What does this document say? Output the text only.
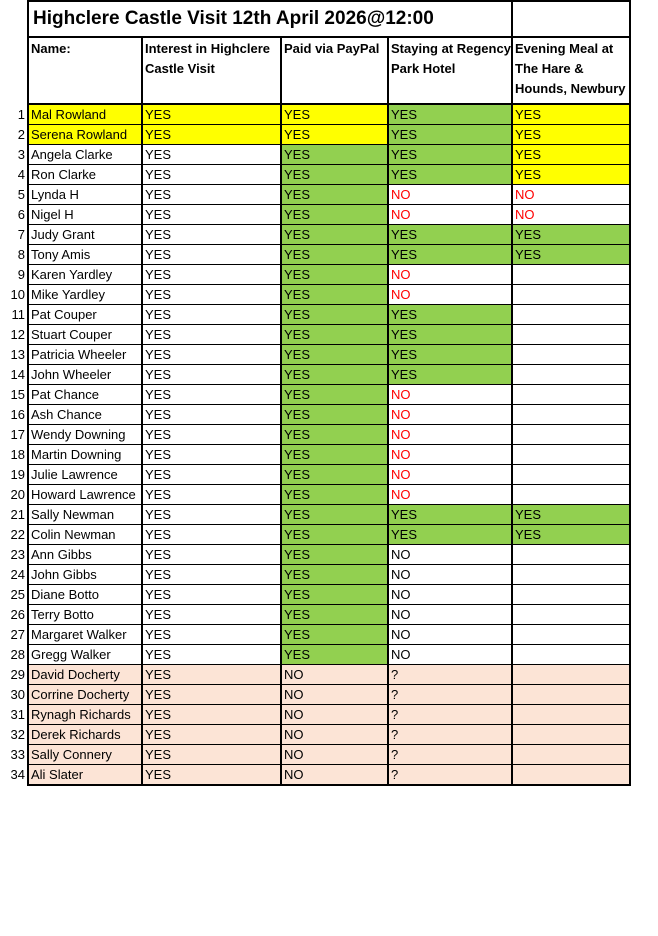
	Highclere Castle Visit 12th April 2026@12:00				
	Name:	Interest in Highclere Castle Visit	Paid via PayPal	Staying at Regency Park Hotel	Evening Meal at The Hare & Hounds, Newbury
1	Mal Rowland	YES	YES	YES	YES
2	Serena Rowland	YES	YES	YES	YES
3	Angela Clarke	YES	YES	YES	YES
4	Ron Clarke	YES	YES	YES	YES
5	Lynda H	YES	YES	NO	NO
6	Nigel H	YES	YES	NO	NO
7	Judy Grant	YES	YES	YES	YES
8	Tony Amis	YES	YES	YES	YES
9	Karen Yardley	YES	YES	NO	
10	Mike Yardley	YES	YES	NO	
11	Pat Couper	YES	YES	YES	
12	Stuart Couper	YES	YES	YES	
13	Patricia Wheeler	YES	YES	YES	
14	John Wheeler	YES	YES	YES	
15	Pat Chance	YES	YES	NO	
16	Ash Chance	YES	YES	NO	
17	Wendy Downing	YES	YES	NO	
18	Martin Downing	YES	YES	NO	
19	Julie Lawrence	YES	YES	NO	
20	Howard Lawrence	YES	YES	NO	
21	Sally Newman	YES	YES	YES	YES
22	Colin Newman	YES	YES	YES	YES
23	Ann Gibbs	YES	YES	NO	
24	John Gibbs	YES	YES	NO	
25	Diane Botto	YES	YES	NO	
26	Terry Botto	YES	YES	NO	
27	Margaret Walker	YES	YES	NO	
28	Gregg Walker	YES	YES	NO	
29	David Docherty	YES	NO	?	
30	Corrine Docherty	YES	NO	?	
31	Rynagh Richards	YES	NO	?	
32	Derek Richards	YES	NO	?	
33	Sally Connery	YES	NO	?	
34	Ali Slater	YES	NO	?	
